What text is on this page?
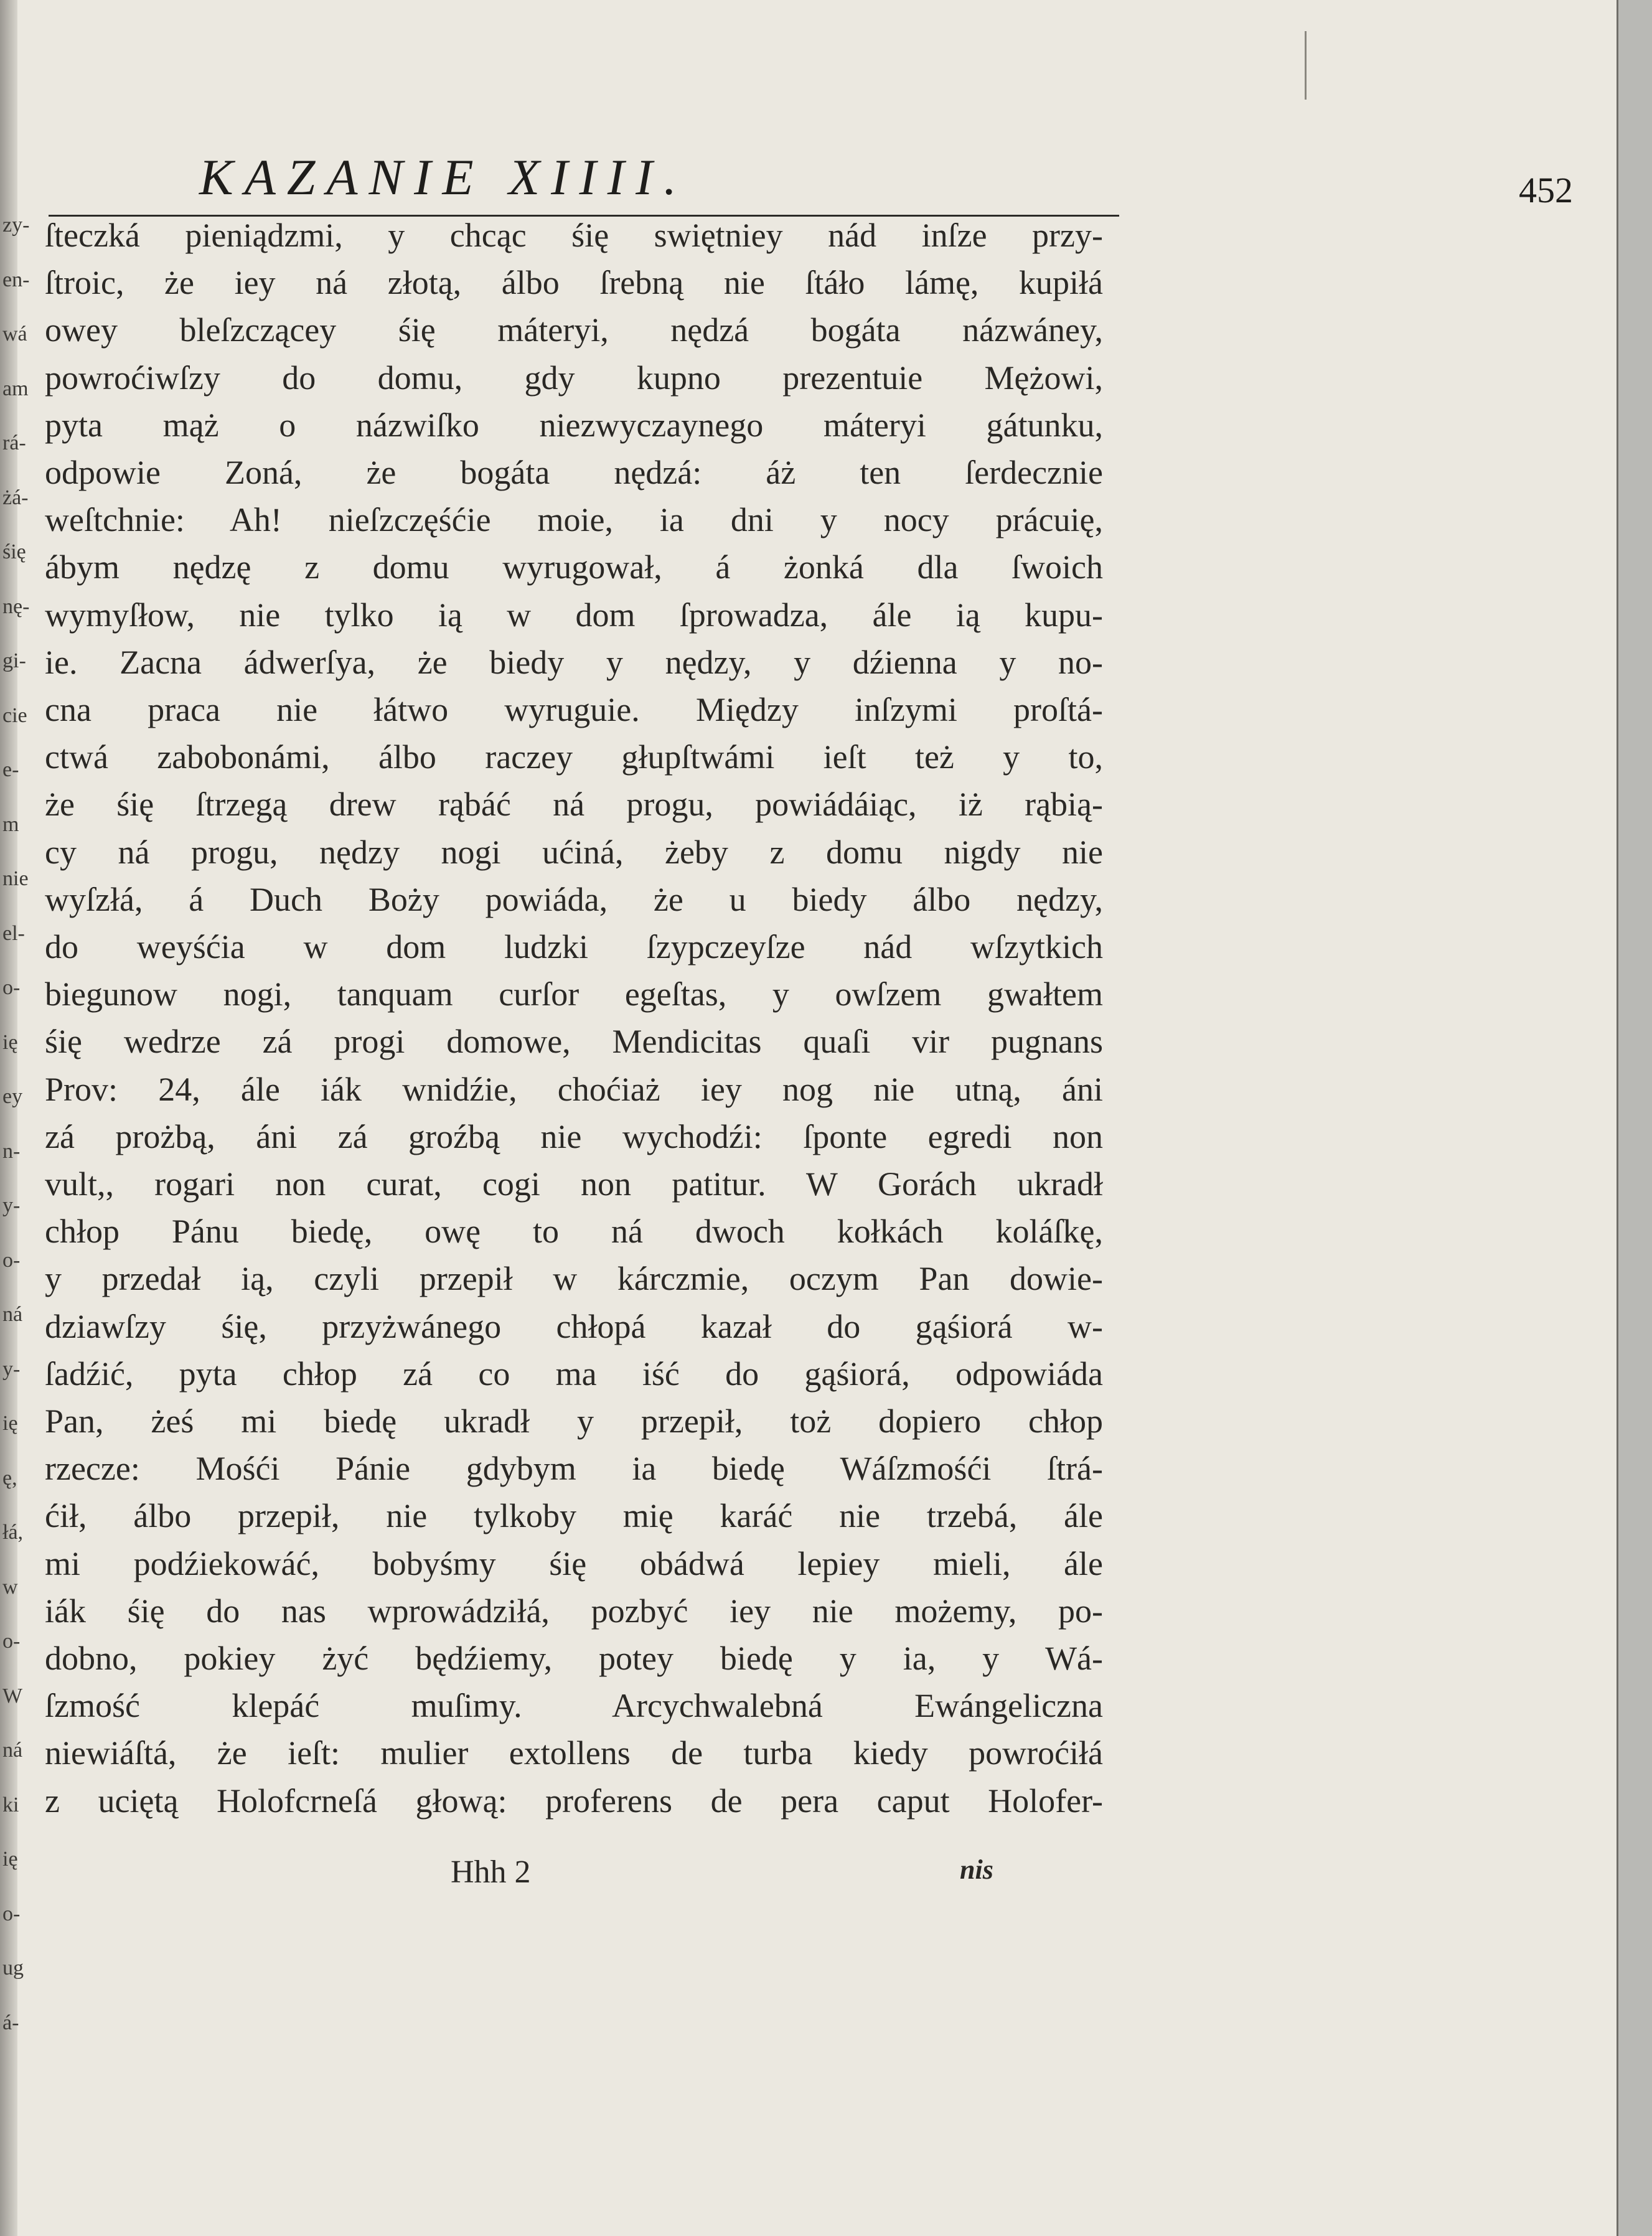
zy-
en-
wá
am
rá-
żá-
śię
nę-
gi-
cie
e-
m
nie
el-
o-
ię
ey
n-
y-
o-
ná
y-
ię
ę,
łá,
w
o-
W
ná
ki
ię
o-
ug
á-
KAZANIE XIIII.	452
ſteczká pieniądzmi, y chcąc śię swiętniey nád inſze przy-
ſtroic, że iey ná złotą, álbo ſrebną nie ſtáło lámę, kupiłá
owey bleſzczącey śię máteryi, nędzá bogáta názwáney,
powroćiwſzy do domu, gdy kupno prezentuie Mężowi,
pyta mąż o názwiſko niezwyczaynego máteryi gátunku,
odpowie Zoná, że bogáta nędzá: áż ten ſerdecznie
weſtchnie: Ah! nieſzczęśćie moie, ia dni y nocy prácuię,
ábym nędzę z domu wyrugował, á żonká dla ſwoich
wymyſłow, nie tylko ią w dom ſprowadza, ále ią kupu-
ie. Zacna ádwerſya, że biedy y nędzy, y dźienna y no-
cna praca nie łátwo wyruguie. Między inſzymi proſtá-
ctwá zabobonámi, álbo raczey głupſtwámi ieſt też y to,
że śię ſtrzegą drew rąbáć ná progu, powiádáiąc, iż rąbią-
cy ná progu, nędzy nogi ućiná, żeby z domu nigdy nie
wyſzłá, á Duch Boży powiáda, że u biedy álbo nędzy,
do weyśćia w dom ludzki ſzypczeyſze nád wſzytkich
biegunow nogi, tanquam curſor egeſtas, y owſzem gwałtem
śię wedrze zá progi domowe, Mendicitas quaſi vir pugnans
Prov: 24, ále iák wnidźie, choćiaż iey nog nie utną, áni
zá prożbą, áni zá groźbą nie wychodźi: ſponte egredi non
vult,, rogari non curat, cogi non patitur. W Gorách ukradł
chłop Pánu biedę, owę to ná dwoch kołkách koláſkę,
y przedał ią, czyli przepił w kárczmie, oczym Pan dowie-
dziawſzy śię, przyżwánego chłopá kazał do gąśiorá w-
ſadźić, pyta chłop zá co ma iść do gąśiorá, odpowiáda
Pan, żeś mi biedę ukradł y przepił, toż dopiero chłop
rzecze: Mośći Pánie gdybym ia biedę Wáſzmośći ſtrá-
ćił, álbo przepił, nie tylkoby mię karáć nie trzebá, ále
mi podźiekowáć, bobyśmy śię obádwá lepiey mieli, ále
iák śię do nas wprowádziłá, pozbyć iey nie możemy, po-
dobno, pokiey żyć będźiemy, potey biedę y ia, y Wá-
ſzmość klepáć muſimy. Arcychwalebná Ewángeliczna
niewiáſtá, że ieſt: mulier extollens de turba kiedy powroćiłá
z uciętą Holofcrneſá głową: proferens de pera caput Holofer-
Hhh 2	nis
